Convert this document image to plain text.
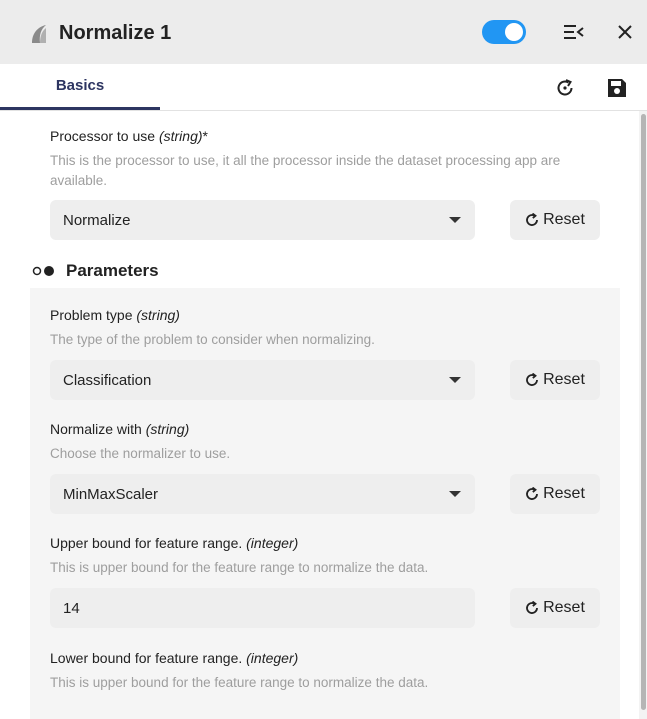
Normalize 1
Basics
Processor to use (string)*
This is the processor to use, it all the processor inside the dataset processing app are available.
Normalize	Reset
Parameters
Problem type (string)
The type of the problem to consider when normalizing.
Classification	Reset
Normalize with (string)
Choose the normalizer to use.
MinMaxScaler	Reset
Upper bound for feature range. (integer)
This is upper bound for the feature range to normalize the data.
14	Reset
Lower bound for feature range. (integer)
This is upper bound for the feature range to normalize the data.
